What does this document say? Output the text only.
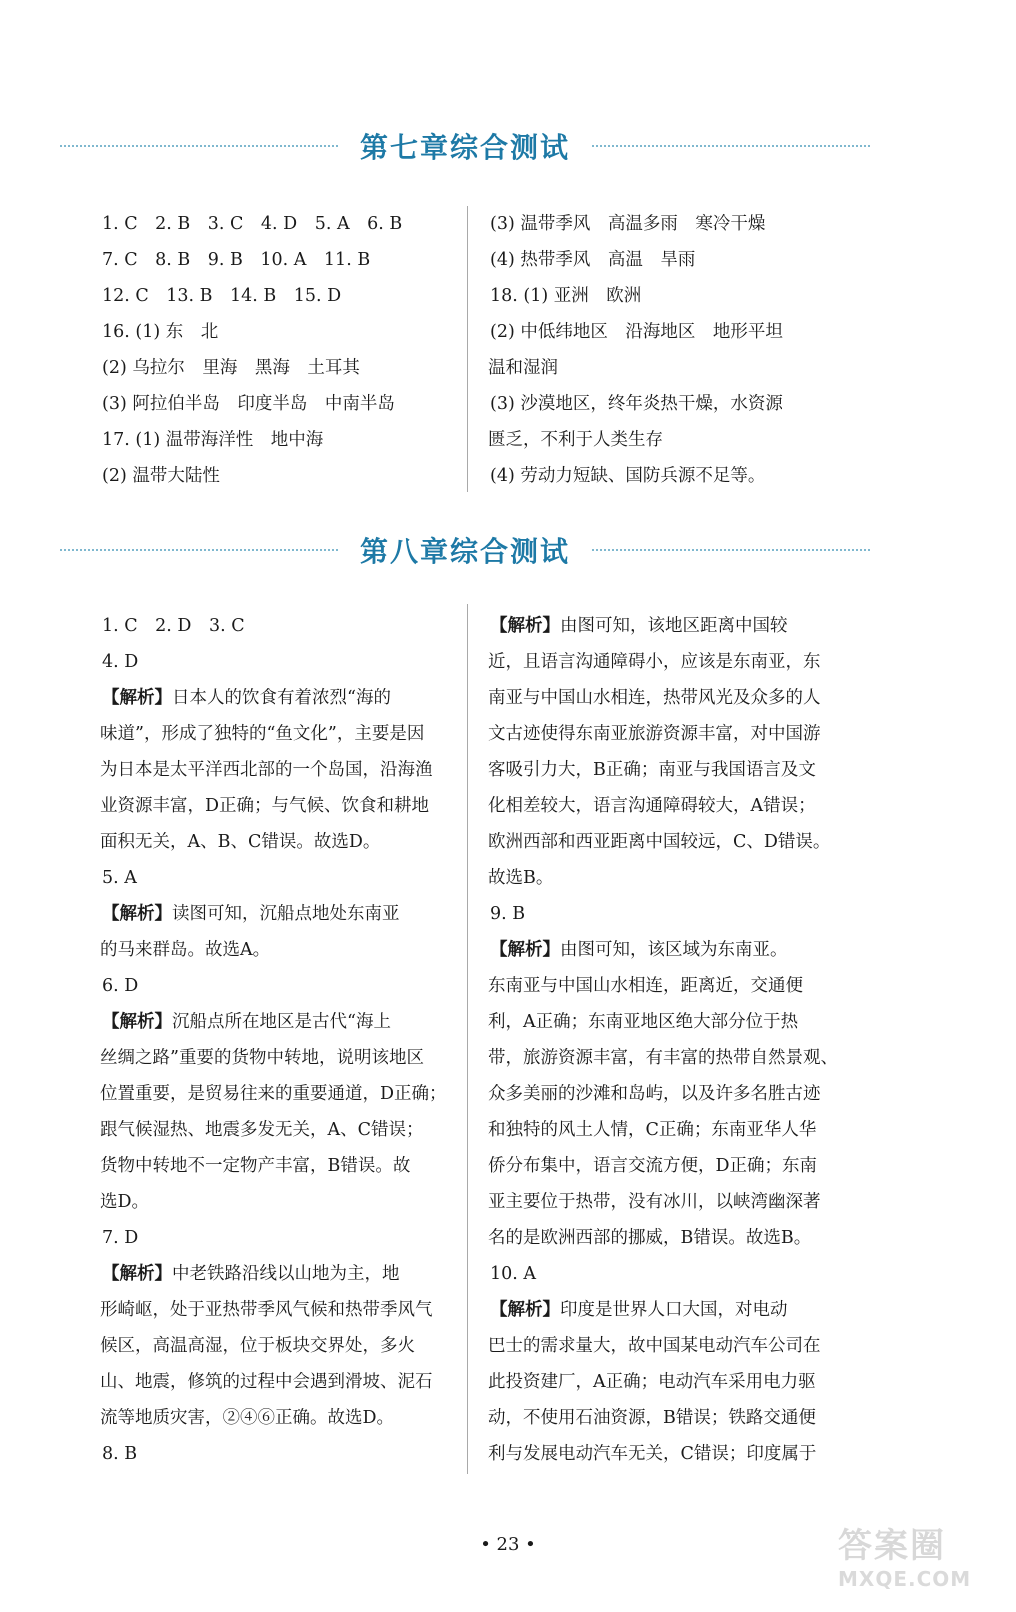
第七章综合测试
1. C　2. B　3. C　4. D　5. A　6. B
7. C　8. B　9. B　10. A　11. B
12. C　13. B　14. B　15. D
16. (1) 东　北
(2) 乌拉尔　里海　黑海　土耳其
(3) 阿拉伯半岛　印度半岛　中南半岛
17. (1) 温带海洋性　地中海
(2) 温带大陆性
(3) 温带季风　高温多雨　寒冷干燥
(4) 热带季风　高温　旱雨
18. (1) 亚洲　欧洲
(2) 中低纬地区　沿海地区　地形平坦
温和湿润
(3) 沙漠地区，终年炎热干燥，水资源
匮乏，不利于人类生存
(4) 劳动力短缺、国防兵源不足等。
第八章综合测试
1. C　2. D　3. C
4. D
【解析】日本人的饮食有着浓烈“海的
味道”，形成了独特的“鱼文化”，主要是因
为日本是太平洋西北部的一个岛国，沿海渔
业资源丰富，D正确；与气候、饮食和耕地
面积无关，A、B、C错误。故选D。
5. A
【解析】读图可知，沉船点地处东南亚
的马来群岛。故选A。
6. D
【解析】沉船点所在地区是古代“海上
丝绸之路”重要的货物中转地，说明该地区
位置重要，是贸易往来的重要通道，D正确；
跟气候湿热、地震多发无关，A、C错误；
货物中转地不一定物产丰富，B错误。故
选D。
7. D
【解析】中老铁路沿线以山地为主，地
形崎岖，处于亚热带季风气候和热带季风气
候区，高温高湿，位于板块交界处，多火
山、地震，修筑的过程中会遇到滑坡、泥石
流等地质灾害，②④⑥正确。故选D。
8. B
【解析】由图可知，该地区距离中国较
近，且语言沟通障碍小，应该是东南亚，东
南亚与中国山水相连，热带风光及众多的人
文古迹使得东南亚旅游资源丰富，对中国游
客吸引力大，B正确；南亚与我国语言及文
化相差较大，语言沟通障碍较大，A错误；
欧洲西部和西亚距离中国较远，C、D错误。
故选B。
9. B
【解析】由图可知，该区域为东南亚。
东南亚与中国山水相连，距离近，交通便
利，A正确；东南亚地区绝大部分位于热
带，旅游资源丰富，有丰富的热带自然景观、
众多美丽的沙滩和岛屿，以及许多名胜古迹
和独特的风土人情，C正确；东南亚华人华
侨分布集中，语言交流方便，D正确；东南
亚主要位于热带，没有冰川，以峡湾幽深著
名的是欧洲西部的挪威，B错误。故选B。
10. A
【解析】印度是世界人口大国，对电动
巴士的需求量大，故中国某电动汽车公司在
此投资建厂，A正确；电动汽车采用电力驱
动，不使用石油资源，B错误；铁路交通便
利与发展电动汽车无关，C错误；印度属于
• 23 •	答案圈
MXQE.COM
